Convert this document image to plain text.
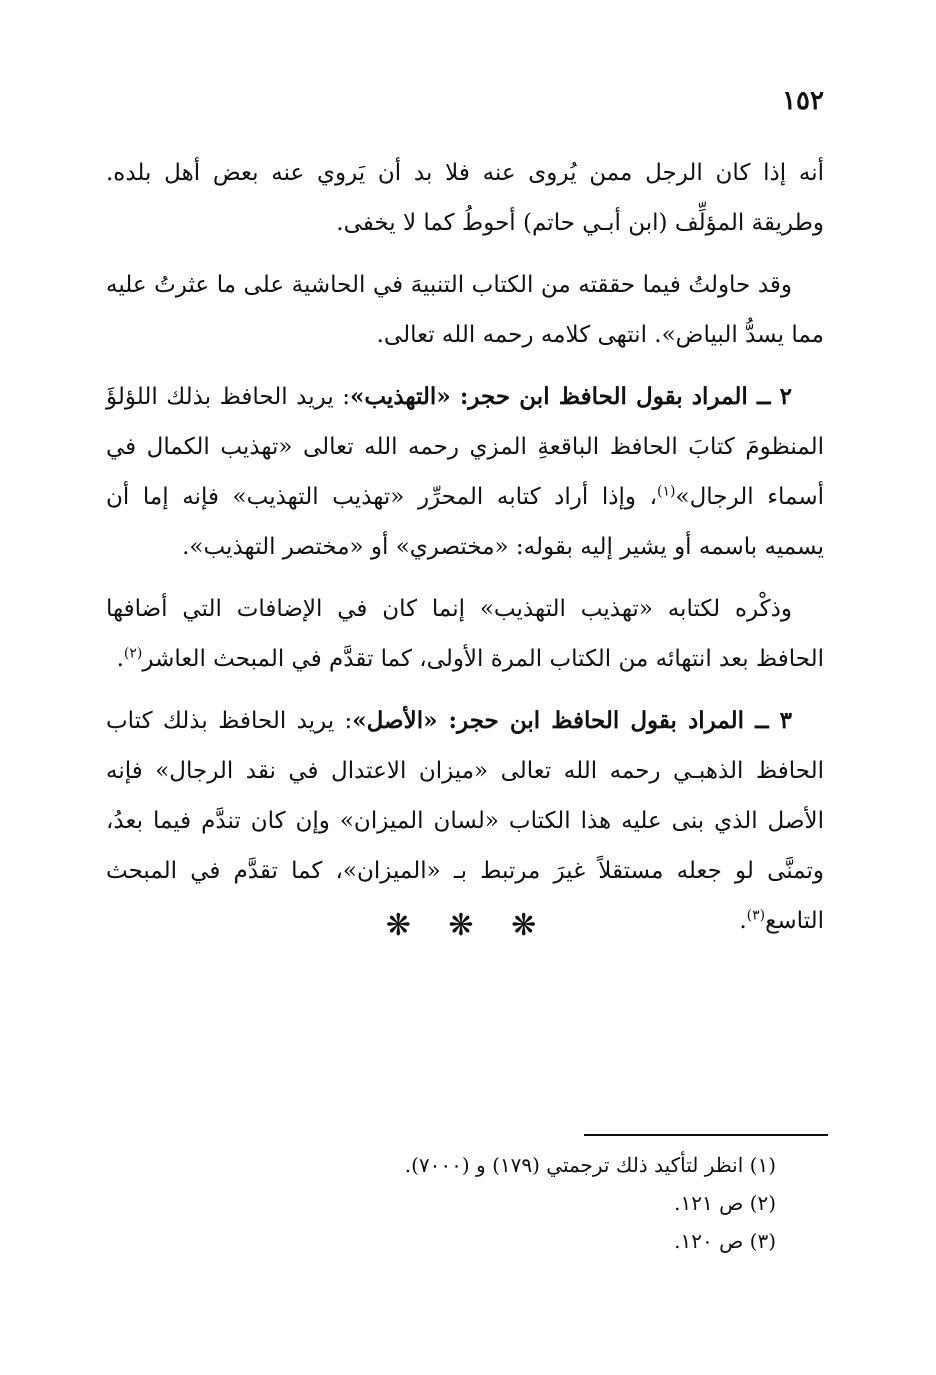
١٥٢

أنه إذا كان الرجل ممن يُروى عنه فلا بد أن يَروي عنه بعض أهل بلده. وطريقة المؤلِّف (ابن أبـي حاتم) أحوطُ كما لا يخفى.

وقد حاولتُ فيما حققته من الكتاب التنبيهَ في الحاشية على ما عثرتُ عليه مما يسدُّ البياض». انتهى كلامه رحمه الله تعالى.

٢ ــ المراد بقول الحافظ ابن حجر: «التهذيب»: يريد الحافظ بذلك اللؤلؤَ المنظومَ كتابَ الحافظ الباقعةِ المزي رحمه الله تعالى «تهذيب الكمال في أسماء الرجال»$^{(١)}$، وإذا أراد كتابه المحرِّر «تهذيب التهذيب» فإنه إما أن يسميه باسمه أو يشير إليه بقوله: «مختصري» أو «مختصر التهذيب».

وذكْره لكتابه «تهذيب التهذيب» إنما كان في الإضافات التي أضافها الحافظ بعد انتهائه من الكتاب المرة الأولى، كما تقدَّم في المبحث العاشر$^{(٢)}$.

٣ ــ المراد بقول الحافظ ابن حجر: «الأصل»: يريد الحافظ بذلك كتاب الحافظ الذهبـي رحمه الله تعالى «ميزان الاعتدال في نقد الرجال» فإنه الأصل الذي بنى عليه هذا الكتاب «لسان الميزان» وإن كان تندَّم فيما بعدُ، وتمنَّى لو جعله مستقلاً غيرَ مرتبط بـ «الميزان»، كما تقدَّم في المبحث التاسع$^{(٣)}$.

❋ ❋ ❋
(١) انظر لتأكيد ذلك ترجمتي (١٧٩) و (٧٠٠٠).
(٢) ص ١٢١.
(٣) ص ١٢٠.
